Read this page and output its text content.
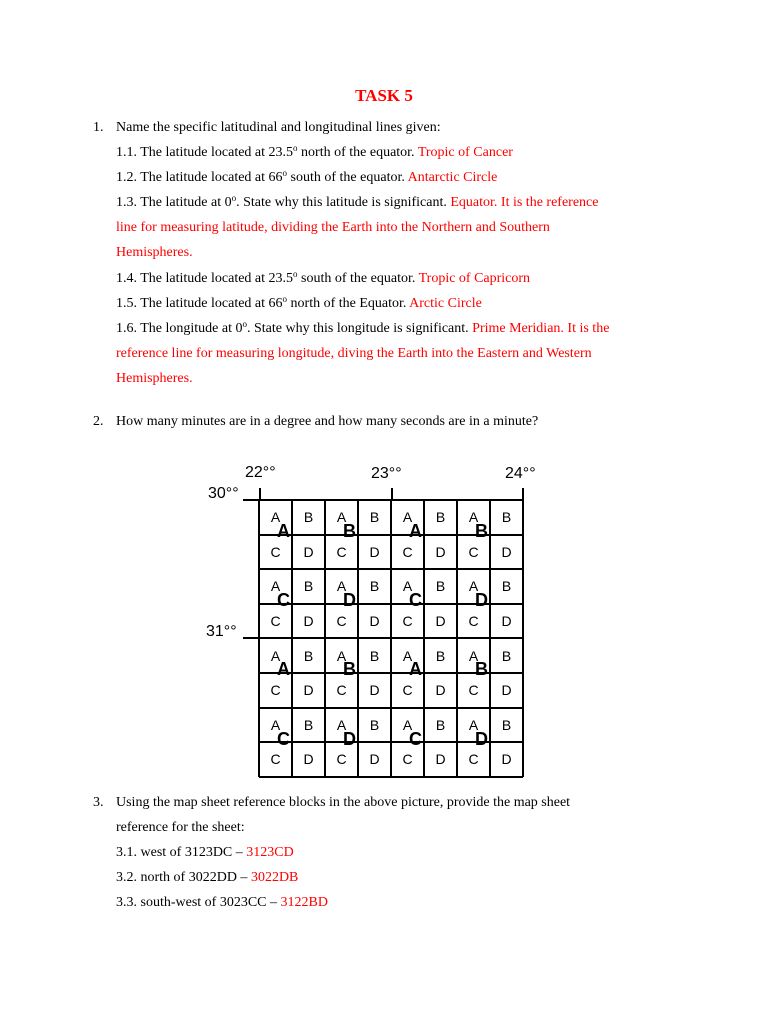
TASK 5
1. Name the specific latitudinal and longitudinal lines given:
1.1. The latitude located at 23.5$^o$ north of the equator. Tropic of Cancer
1.2. The latitude located at 66$^o$ south of the equator. Antarctic Circle
1.3. The latitude at 0$^o$. State why this latitude is significant. Equator. It is the reference
line for measuring latitude, dividing the Earth into the Northern and Southern
Hemispheres.
1.4. The latitude located at 23.5$^o$ south of the equator. Tropic of Capricorn
1.5. The latitude located at 66$^o$ north of the Equator. Arctic Circle
1.6. The longitude at 0$^o$. State why this longitude is significant. Prime Meridian. It is the
reference line for measuring longitude, diving the Earth into the Eastern and Western
Hemispheres.
2. How many minutes are in a degree and how many seconds are in a minute?
22°°	23°°	24°°
30°°
31°°
A	B	A	B	A	B	A	B
C	D	C	D	C	D	C	D
A	B	A	B	A	B	A	B
C	D	C	D	C	D	C	D
A	B	A	B	A	B	A	B
C	D	C	D	C	D	C	D
A	B	A	B	A	B	A	B
C	D	C	D	C	D	C	D
A	B	A	B
C	D	C	D
A	B	A	B
C	D	C	D
3. Using the map sheet reference blocks in the above picture, provide the map sheet
reference for the sheet:
3.1. west of 3123DC – 3123CD
3.2. north of 3022DD – 3022DB
3.3. south-west of 3023CC – 3122BD
